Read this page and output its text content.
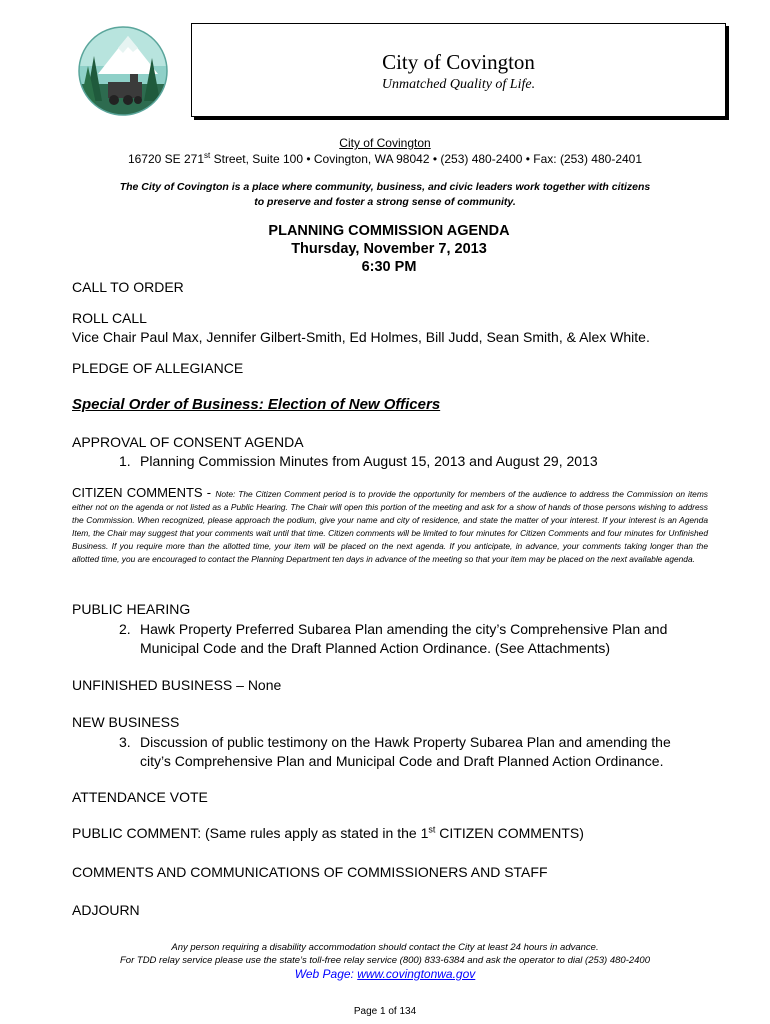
City of Covington
Unmatched Quality of Life.
City of Covington
16720 SE 271st Street, Suite 100 • Covington, WA 98042 • (253) 480-2400 • Fax: (253) 480-2401
The City of Covington is a place where community, business, and civic leaders work together with citizens
to preserve and foster a strong sense of community.
PLANNING COMMISSION AGENDA
Thursday, November 7, 2013
6:30 PM
CALL TO ORDER
ROLL CALL
Vice Chair Paul Max, Jennifer Gilbert-Smith, Ed Holmes, Bill Judd, Sean Smith, & Alex White.
PLEDGE OF ALLEGIANCE
Special Order of Business: Election of New Officers
APPROVAL OF CONSENT AGENDA
1. Planning Commission Minutes from August 15, 2013 and August 29, 2013
CITIZEN COMMENTS - Note: The Citizen Comment period is to provide the opportunity for members of the audience to address the Commission on items either not on the agenda or not listed as a Public Hearing. The Chair will open this portion of the meeting and ask for a show of hands of those persons wishing to address the Commission. When recognized, please approach the podium, give your name and city of residence, and state the matter of your interest. If your interest is an Agenda Item, the Chair may suggest that your comments wait until that time. Citizen comments will be limited to four minutes for Citizen Comments and four minutes for Unfinished Business. If you require more than the allotted time, your item will be placed on the next agenda. If you anticipate, in advance, your comments taking longer than the allotted time, you are encouraged to contact the Planning Department ten days in advance of the meeting so that your item may be placed on the next available agenda.
PUBLIC HEARING
2. Hawk Property Preferred Subarea Plan amending the city’s Comprehensive Plan and
Municipal Code and the Draft Planned Action Ordinance. (See Attachments)
UNFINISHED BUSINESS – None
NEW BUSINESS
3. Discussion of public testimony on the Hawk Property Subarea Plan and amending the
city’s Comprehensive Plan and Municipal Code and Draft Planned Action Ordinance.
ATTENDANCE VOTE
PUBLIC COMMENT: (Same rules apply as stated in the 1st CITIZEN COMMENTS)
COMMENTS AND COMMUNICATIONS OF COMMISSIONERS AND STAFF
ADJOURN
Any person requiring a disability accommodation should contact the City at least 24 hours in advance.
For TDD relay service please use the state’s toll-free relay service (800) 833-6384 and ask the operator to dial (253) 480-2400
Web Page: www.covingtonwa.gov
Page 1 of 134
